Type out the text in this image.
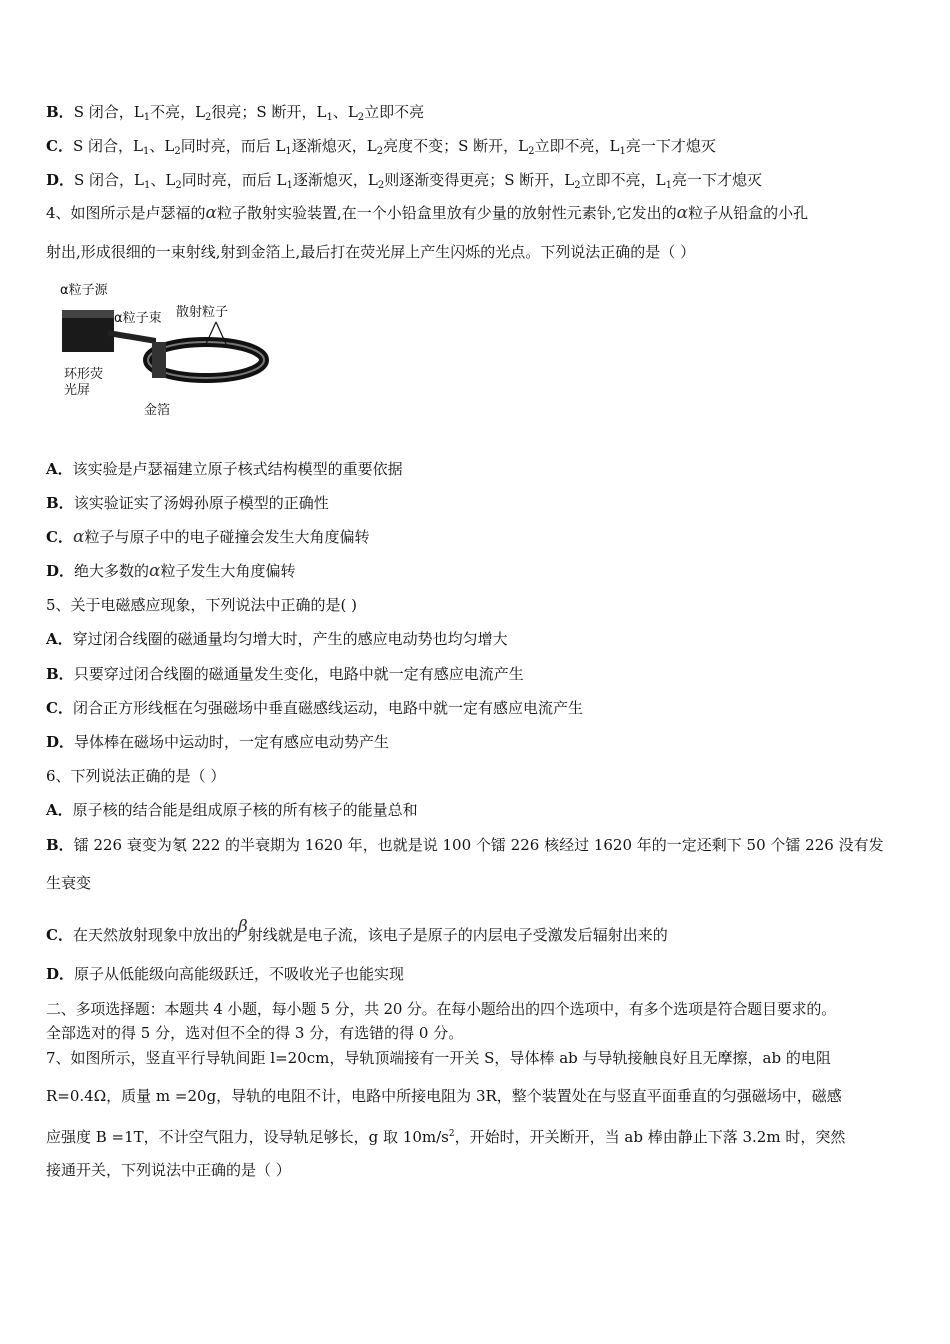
B．S 闭合，$L_1$不亮，$L_2$很亮；S 断开，$L_1$、$L_2$立即不亮
C．S 闭合，$L_1$、$L_2$同时亮，而后 $L_1$逐渐熄灭，$L_2$亮度不变；S 断开，$L_2$立即不亮，$L_1$亮一下才熄灭
D．S 闭合，$L_1$、$L_2$同时亮，而后 $L_1$逐渐熄灭，$L_2$则逐渐变得更亮；S 断开，$L_2$立即不亮，$L_1$亮一下才熄灭
4、如图所示是卢瑟福的α粒子散射实验装置,在一个小铅盒里放有少量的放射性元素钋,它发出的α粒子从铅盒的小孔
射出,形成很细的一束射线,射到金箔上,最后打在荧光屏上产生闪烁的光点。下列说法正确的是（ ）
α粒子源
α粒子束 散射粒子
环形荧
光屏
金箔
A．该实验是卢瑟福建立原子核式结构模型的重要依据
B．该实验证实了汤姆孙原子模型的正确性
C．α粒子与原子中的电子碰撞会发生大角度偏转
D．绝大多数的α粒子发生大角度偏转
5、关于电磁感应现象，下列说法中正确的是( )
A．穿过闭合线圈的磁通量均匀增大时，产生的感应电动势也均匀增大
B．只要穿过闭合线圈的磁通量发生变化，电路中就一定有感应电流产生
C．闭合正方形线框在匀强磁场中垂直磁感线运动，电路中就一定有感应电流产生
D．导体棒在磁场中运动时，一定有感应电动势产生
6、下列说法正确的是（ ）
A．原子核的结合能是组成原子核的所有核子的能量总和
B．镭 226 衰变为氡 222 的半衰期为 1620 年，也就是说 100 个镭 226 核经过 1620 年的一定还剩下 50 个镭 226 没有发
生衰变
C．在天然放射现象中放出的β射线就是电子流，该电子是原子的内层电子受激发后辐射出来的
D．原子从低能级向高能级跃迁，不吸收光子也能实现
二、多项选择题：本题共 4 小题，每小题 5 分，共 20 分。在每小题给出的四个选项中，有多个选项是符合题目要求的。
全部选对的得 5 分，选对但不全的得 3 分，有选错的得 0 分。
7、如图所示，竖直平行导轨间距 l=20cm，导轨顶端接有一开关 S，导体棒 ab 与导轨接触良好且无摩擦，ab 的电阻
R=0.4Ω，质量 m =20g，导轨的电阻不计，电路中所接电阻为 3R，整个装置处在与竖直平面垂直的匀强磁场中，磁感
应强度 B =1T，不计空气阻力，设导轨足够长，g 取 $10m/s^2$，开始时，开关断开，当 ab 棒由静止下落 3.2m 时，突然
接通开关，下列说法中正确的是（ ）
